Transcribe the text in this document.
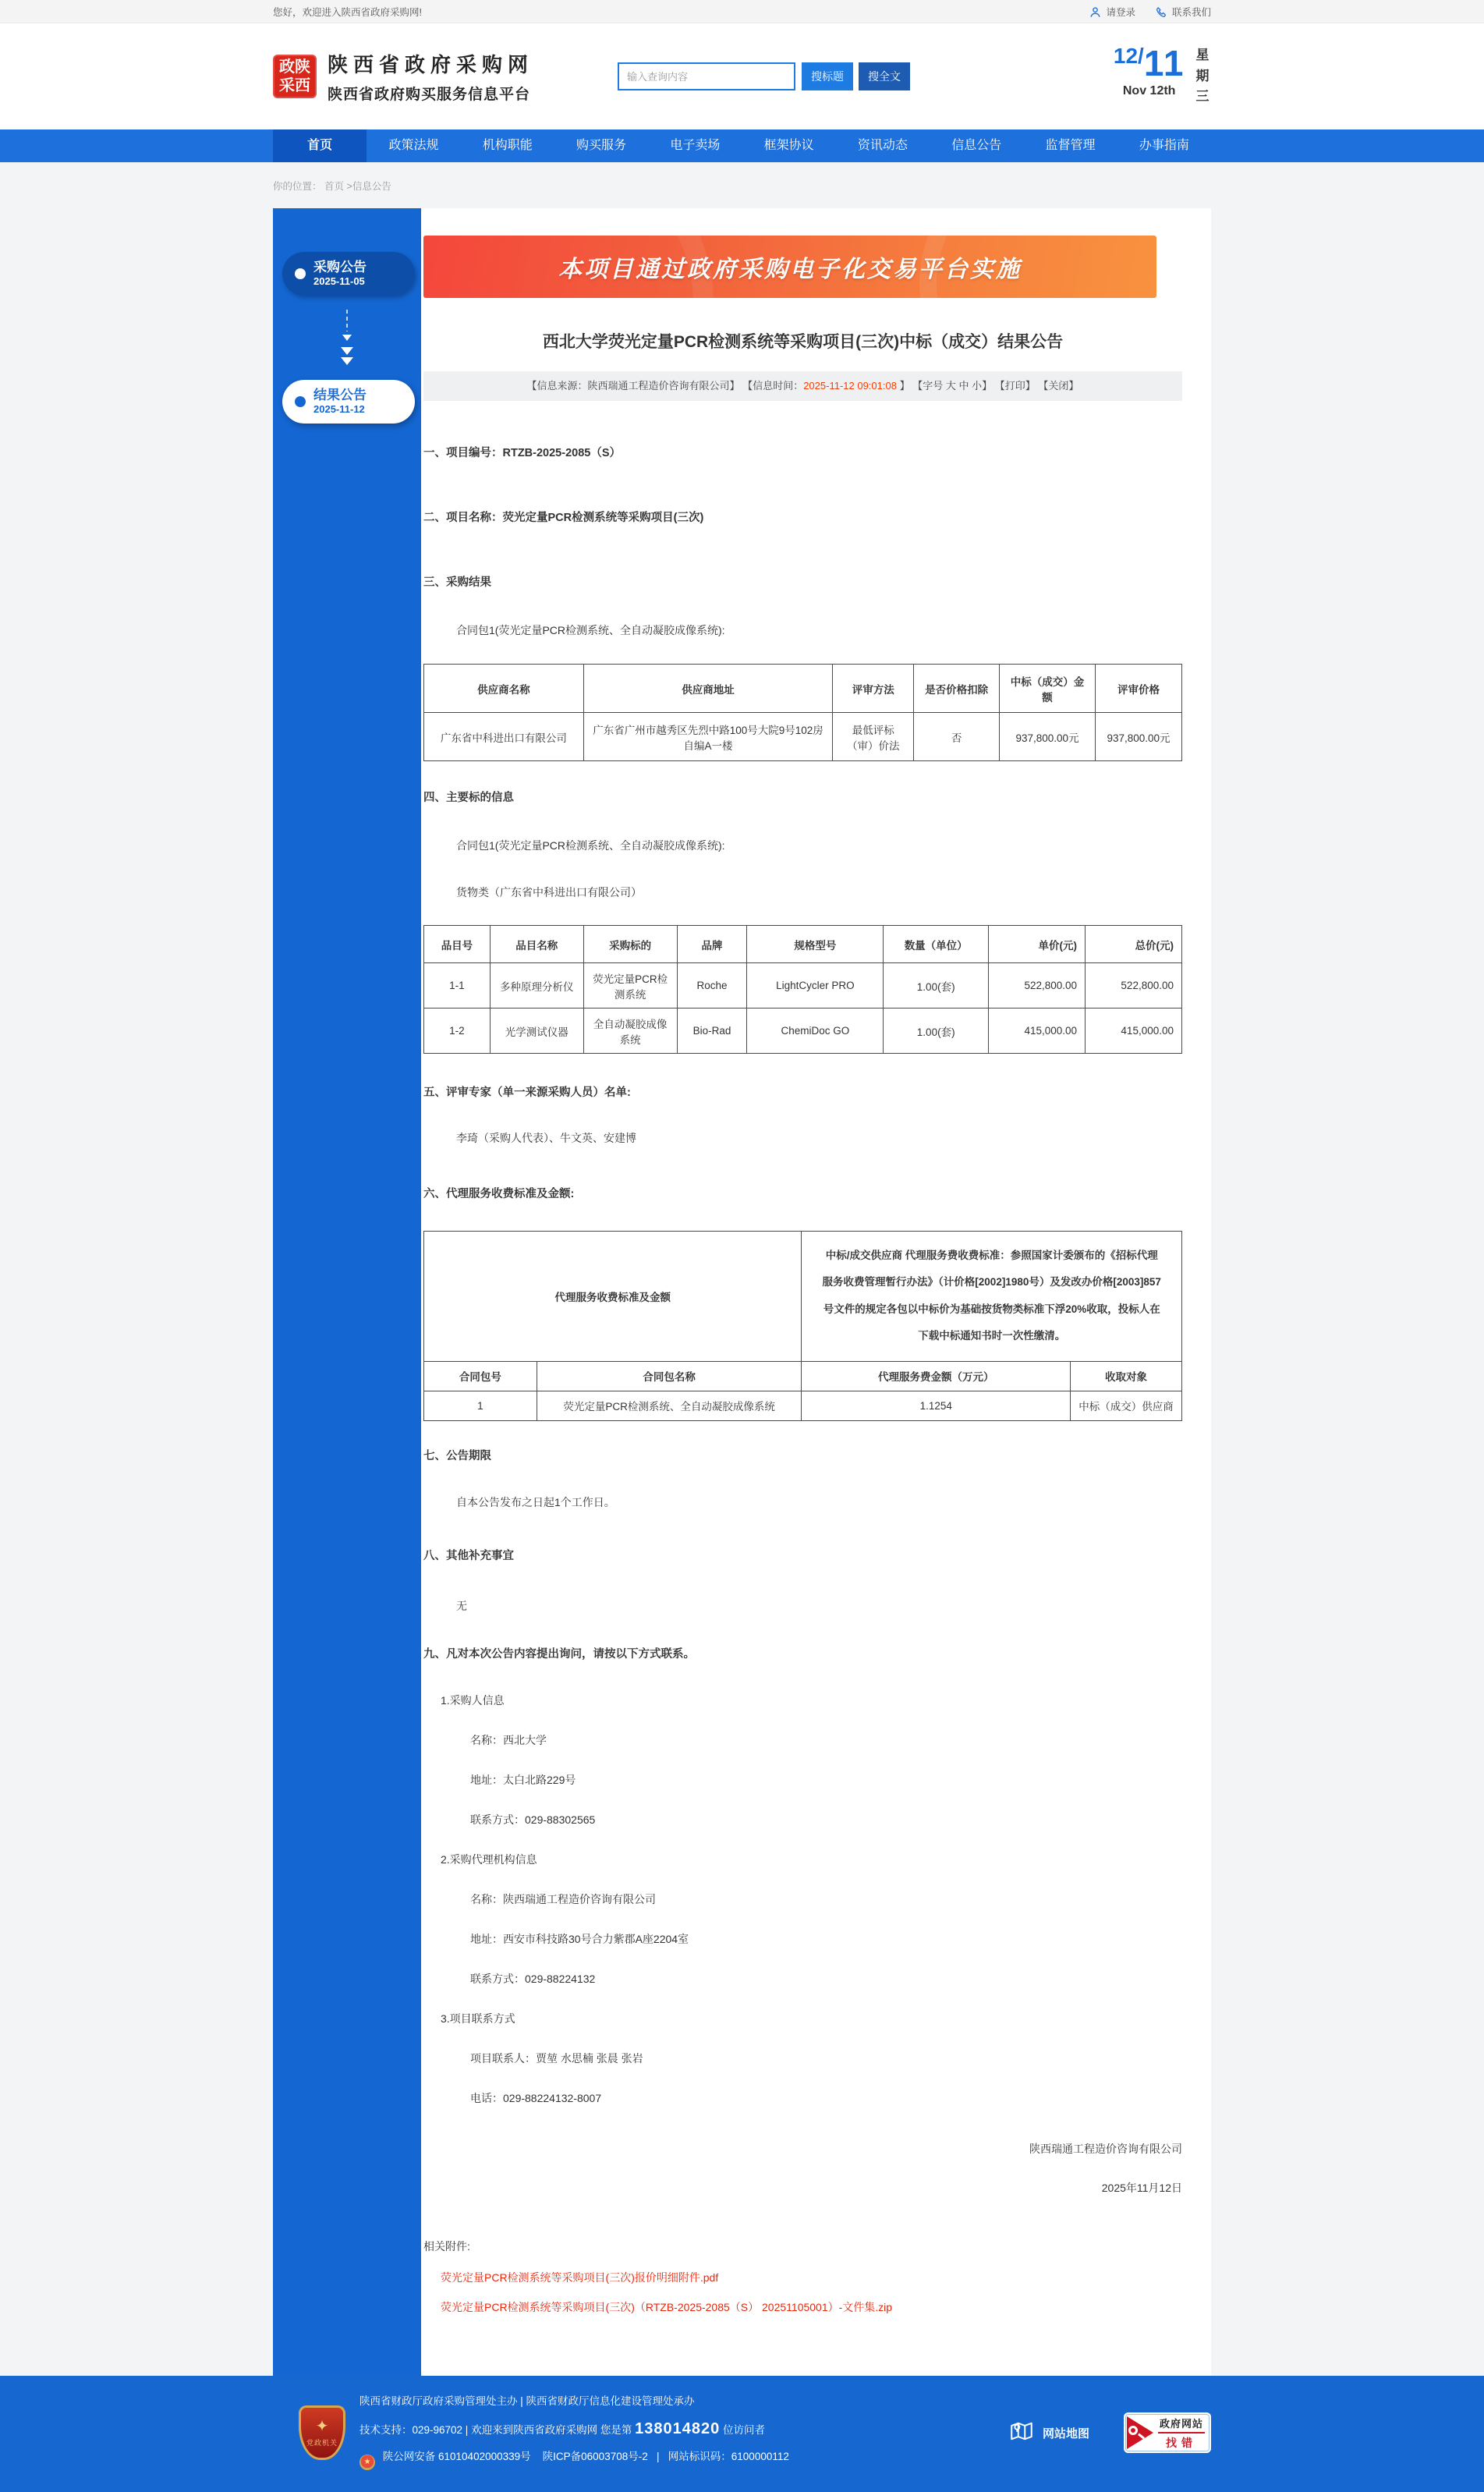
您好，欢迎进入陕西省政府采购网!	请登录	联系我们
政陕
采西
陕西省政府采购网
陕西省政府购买服务信息平台
输入查询内容
搜标题	搜全文
12/11
Nov 12th
星期三
首页	政策法规	机构职能	购买服务	电子卖场	框架协议	资讯动态	信息公告	监督管理	办事指南
你的位置： 首页 >信息公告
采购公告
2025-11-05
结果公告
2025-11-12
本项目通过政府采购电子化交易平台实施
西北大学荧光定量PCR检测系统等采购项目(三次)中标（成交）结果公告
【信息来源：陕西瑞通工程造价咨询有限公司】 【信息时间：2025-11-12 09:01:08 】 【字号 大 中 小】 【打印】 【关闭】
一、项目编号：RTZB-2025-2085（S）
二、项目名称：荧光定量PCR检测系统等采购项目(三次)
三、采购结果
合同包1(荧光定量PCR检测系统、全自动凝胶成像系统):
供应商名称	供应商地址	评审方法	是否价格扣除	中标（成交）金额	评审价格
广东省中科进出口有限公司	广东省广州市越秀区先烈中路100号大院9号102房自编A一楼	最低评标（审）价法	否	937,800.00元	937,800.00元
四、主要标的信息
合同包1(荧光定量PCR检测系统、全自动凝胶成像系统):
货物类（广东省中科进出口有限公司）
品目号	品目名称	采购标的	品牌	规格型号	数量（单位）	单价(元)	总价(元)
1-1	多种原理分析仪	荧光定量PCR检测系统	Roche	LightCycler PRO	1.00(套)	522,800.00	522,800.00
1-2	光学测试仪器	全自动凝胶成像系统	Bio-Rad	ChemiDoc GO	1.00(套)	415,000.00	415,000.00
五、评审专家（单一来源采购人员）名单:
李琦（采购人代表）、牛文英、安建博
六、代理服务收费标准及金额:
代理服务收费标准及金额		中标/成交供应商 代理服务费收费标准：参照国家计委颁布的《招标代理服务收费管理暂行办法》（计价格[2002]1980号）及发改办价格[2003]857号文件的规定各包以中标价为基础按货物类标准下浮20%收取，投标人在下载中标通知书时一次性缴清。	
合同包号	合同包名称	代理服务费金额（万元）	收取对象
1	荧光定量PCR检测系统、全自动凝胶成像系统	1.1254	中标（成交）供应商
七、公告期限
自本公告发布之日起1个工作日。
八、其他补充事宜
无
九、凡对本次公告内容提出询问，请按以下方式联系。
1.采购人信息
名称：西北大学
地址：太白北路229号
联系方式：029-88302565
2.采购代理机构信息
名称：陕西瑞通工程造价咨询有限公司
地址：西安市科技路30号合力紫郡A座2204室
联系方式：029-88224132
3.项目联系方式
项目联系人：贾堃 水思楠 张晨 张岩
电话：029-88224132-8007
陕西瑞通工程造价咨询有限公司
2025年11月12日
相关附件:
荧光定量PCR检测系统等采购项目(三次)报价明细附件.pdf
荧光定量PCR检测系统等采购项目(三次)（RTZB-2025-2085（S） 20251105001）-文件集.zip
✦
党政机关
陕西省财政厅政府采购管理处主办 | 陕西省财政厅信息化建设管理处承办
技术支持：029-96702 | 欢迎来到陕西省政府采购网 您是第 138014820 位访问者
★ 陕公网安备 61010402000339号 陕ICP备06003708号-2 | 网站标识码：6100000112
网站地图
政府网站
找错
